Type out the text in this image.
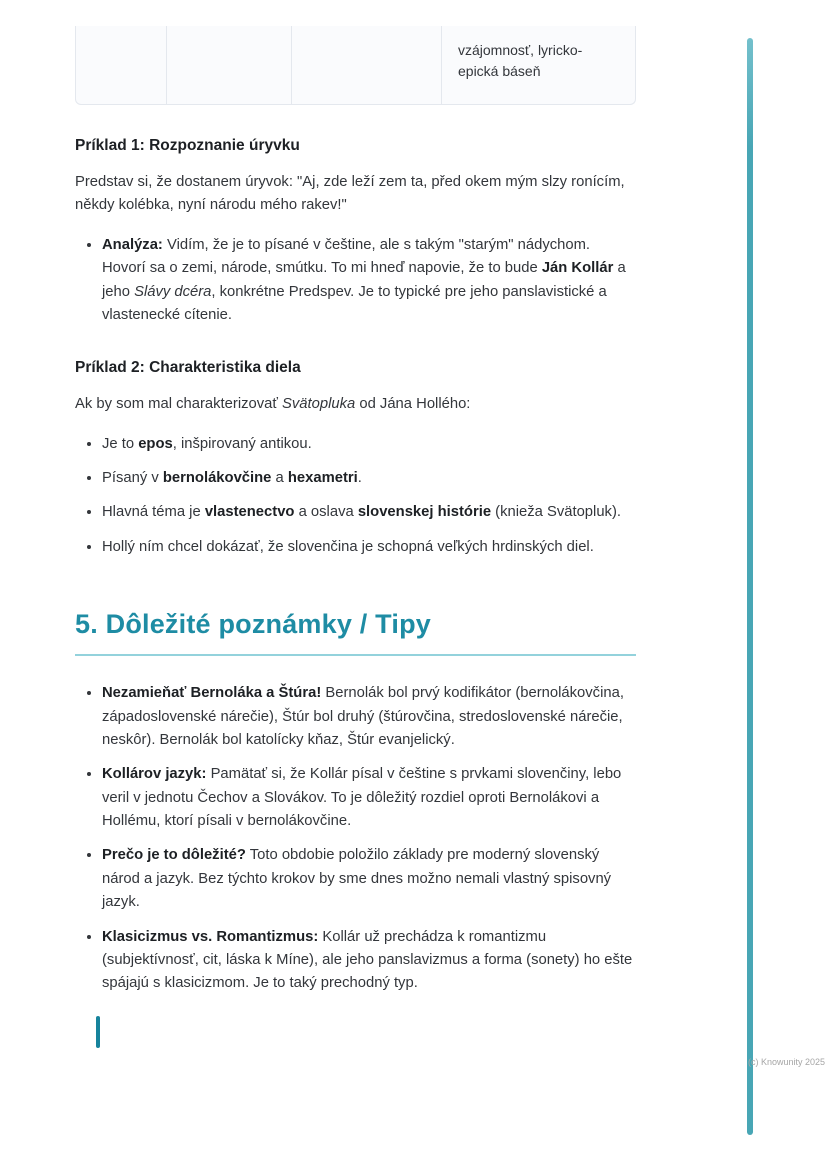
vzájomnosť, lyricko-epická báseň
Príklad 1: Rozpoznanie úryvku

Predstav si, že dostanem úryvok: "Aj, zde leží zem ta, před okem mým slzy ronícím, někdy kolébka, nyní národu mého rakev!"

• Analýza: Vidím, že je to písané v češtine, ale s takým "starým" nádychom. Hovorí sa o zemi, národe, smútku. To mi hneď napovie, že to bude Ján Kollár a jeho Slávy dcéra, konkrétne Predspev. Je to typické pre jeho panslavistické a vlastenecké cítenie.
Príklad 2: Charakteristika diela

Ak by som mal charakterizovať Svätopluka od Jána Hollého:

• Je to epos, inšpirovaný antikou.
• Písaný v bernolákovčine a hexametri.
• Hlavná téma je vlastenectvo a oslava slovenskej histórie (knieža Svätopluk).
• Hollý ním chcel dokázať, že slovenčina je schopná veľkých hrdinských diel.
5. Dôležité poznámky / Tipy
• Nezamieňať Bernoláka a Štúra! Bernolák bol prvý kodifikátor (bernolákovčina, západoslovenské nárečie), Štúr bol druhý (štúrovčina, stredoslovenské nárečie, neskôr). Bernolák bol katolícky kňaz, Štúr evanjelický.
• Kollárov jazyk: Pamätať si, že Kollár písal v češtine s prvkami slovenčiny, lebo veril v jednotu Čechov a Slovákov. To je dôležitý rozdiel oproti Bernolákovi a Hollému, ktorí písali v bernolákovčine.
• Prečo je to dôležité? Toto obdobie položilo základy pre moderný slovenský národ a jazyk. Bez týchto krokov by sme dnes možno nemali vlastný spisovný jazyk.
• Klasicizmus vs. Romantizmus: Kollár už prechádza k romantizmu (subjektívnosť, cit, láska k Míne), ale jeho panslavizmus a forma (sonety) ho ešte spájajú s klasicizmom. Je to taký prechodný typ.
(c) Knowunity 2025
